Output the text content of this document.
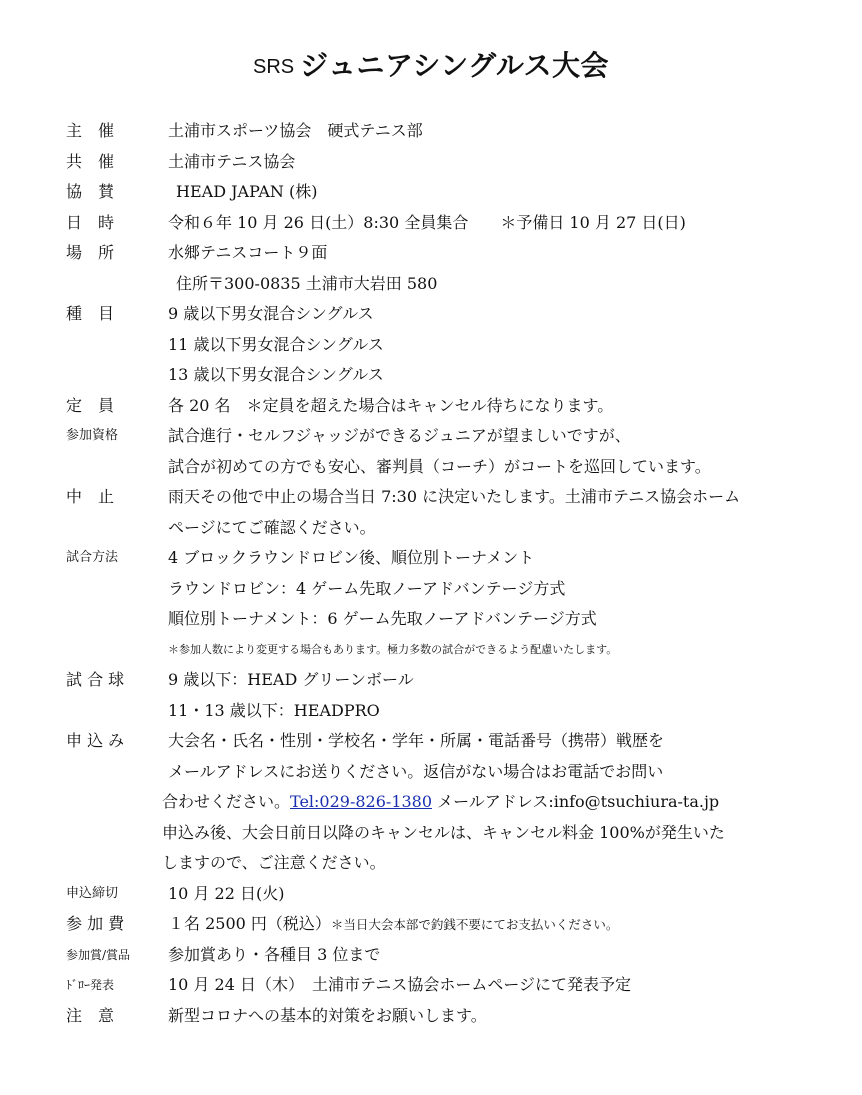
SRS ジュニアシングルス大会
主　催	土浦市スポーツ協会　硬式テニス部
共　催	土浦市テニス協会
協　賛	HEAD JAPAN (株)
日　時	令和６年 10 月 26 日(土）8:30 全員集合　　＊予備日 10 月 27 日(日)
場　所	水郷テニスコート９面
住所〒300-0835 土浦市大岩田 580
種　目	9 歳以下男女混合シングルス
11 歳以下男女混合シングルス
13 歳以下男女混合シングルス
定　員	各 20 名　＊定員を超えた場合はキャンセル待ちになります。
参加資格	試合進行・セルフジャッジができるジュニアが望ましいですが、
試合が初めての方でも安心、審判員（コーチ）がコートを巡回しています。
中　止	雨天その他で中止の場合当日 7:30 に決定いたします。土浦市テニス協会ホーム
ページにてご確認ください。
試合方法	4 ブロックラウンドロビン後、順位別トーナメント
ラウンドロビン：4 ゲーム先取ノーアドバンテージ方式
順位別トーナメント：6 ゲーム先取ノーアドバンテージ方式
＊参加人数により変更する場合もあります。極力多数の試合ができるよう配慮いたします。
試 合 球	9 歳以下：HEAD グリーンボール
11・13 歳以下：HEADPRO
申 込 み	大会名・氏名・性別・学校名・学年・所属・電話番号（携帯）戦歴を
メールアドレスにお送りください。返信がない場合はお電話でお問い
合わせください。Tel:029-826-1380 メールアドレス:info@tsuchiura-ta.jp
申込み後、大会日前日以降のキャンセルは、キャンセル料金 100%が発生いた
しますので、ご注意ください。
申込締切	10 月 22 日(火)
参 加 費	１名 2500 円（税込）＊当日大会本部で釣銭不要にてお支払いください。
参加賞/賞品	参加賞あり・各種目 3 位まで
ﾄﾞﾛｰ発表	10 月 24 日（木）　土浦市テニス協会ホームページにて発表予定
注　意	新型コロナへの基本的対策をお願いします。
